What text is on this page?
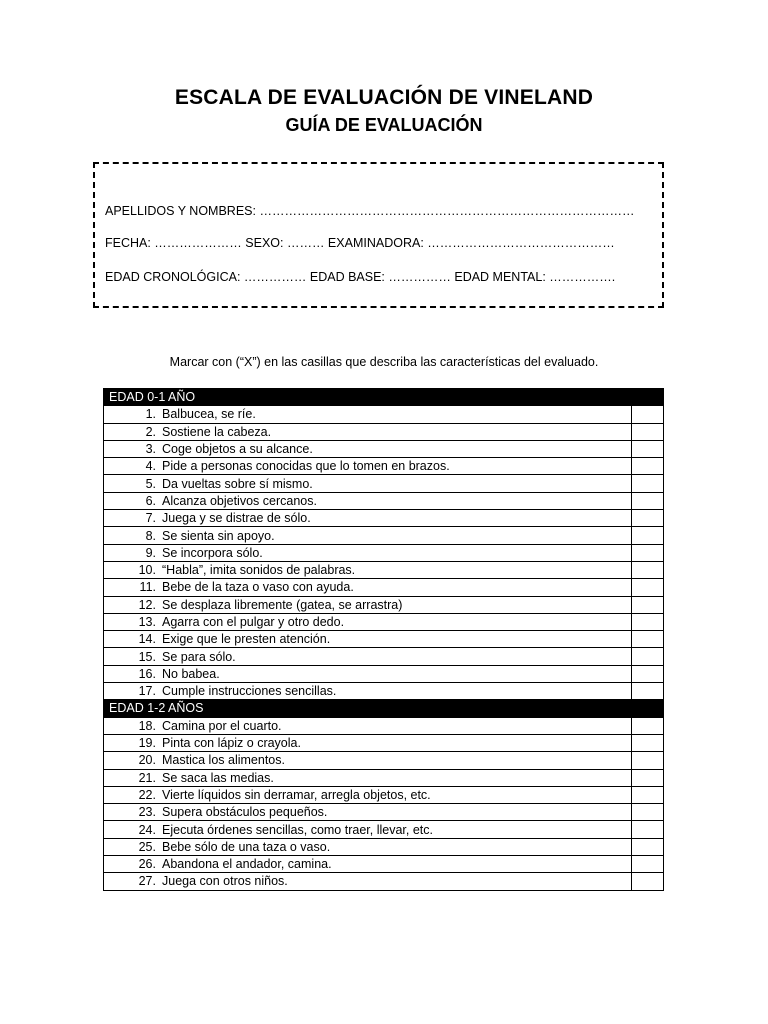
ESCALA DE EVALUACIÓN DE VINELAND
GUÍA DE EVALUACIÓN
APELLIDOS Y NOMBRES: ………………………………………………………………………………
FECHA: ………………… SEXO: ……… EXAMINADORA: ………………………………………
EDAD CRONOLÓGICA: …………… EDAD BASE: …………… EDAD MENTAL: …………….
Marcar con (“X”) en las casillas que describa las características del evaluado.
EDAD 0-1 AÑO	
1. Balbucea, se ríe.	
2. Sostiene la cabeza.	
3. Coge objetos a su alcance.	
4. Pide a personas conocidas que lo tomen en brazos.	
5. Da vueltas sobre sí mismo.	
6. Alcanza objetivos cercanos.	
7. Juega y se distrae de sólo.	
8. Se sienta sin apoyo.	
9. Se incorpora sólo.	
10. “Habla”, imita sonidos de palabras.	
11. Bebe de la taza o vaso con ayuda.	
12. Se desplaza libremente (gatea, se arrastra)	
13. Agarra con el pulgar y otro dedo.	
14. Exige que le presten atención.	
15. Se para sólo.	
16. No babea.	
17. Cumple instrucciones sencillas.	
EDAD 1-2 AÑOS	
18. Camina por el cuarto.	
19. Pinta con lápiz o crayola.	
20. Mastica los alimentos.	
21. Se saca las medias.	
22. Vierte líquidos sin derramar, arregla objetos, etc.	
23. Supera obstáculos pequeños.	
24. Ejecuta órdenes sencillas, como traer, llevar, etc.	
25. Bebe sólo de una taza o vaso.	
26. Abandona el andador, camina.	
27. Juega con otros niños.	
